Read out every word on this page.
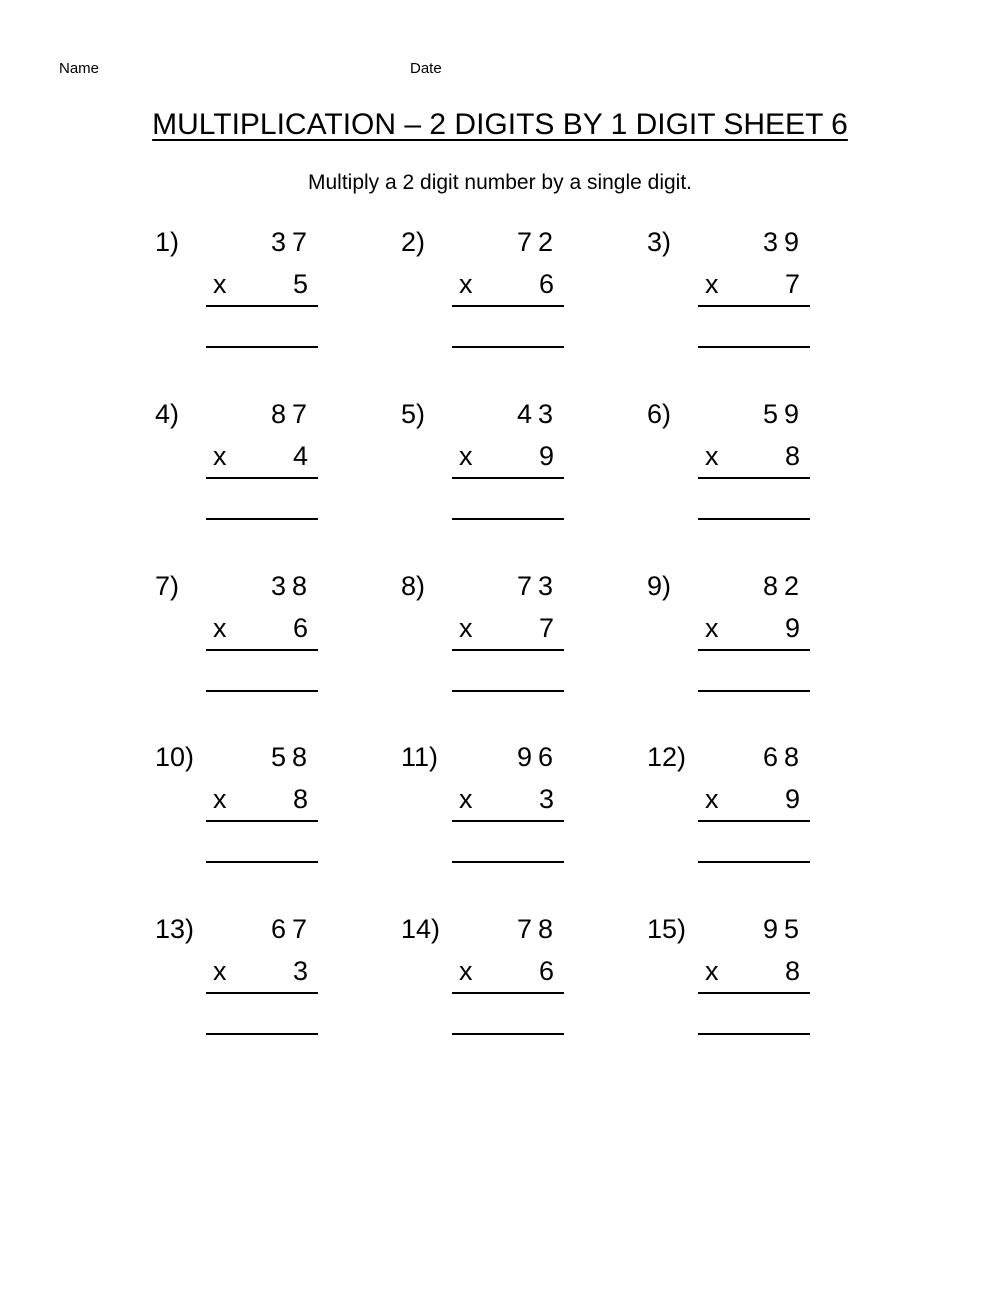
Name	Date
MULTIPLICATION – 2 DIGITS BY 1 DIGIT SHEET 6
Multiply a 2 digit number by a single digit.
1)	37
x	5
2)	72
x	6
3)	39
x	7
4)	87
x	4
5)	43
x	9
6)	59
x	8
7)	38
x	6
8)	73
x	7
9)	82
x	9
10)	58
x	8
11)	96
x	3
12)	68
x	9
13)	67
x	3
14)	78
x	6
15)	95
x	8
